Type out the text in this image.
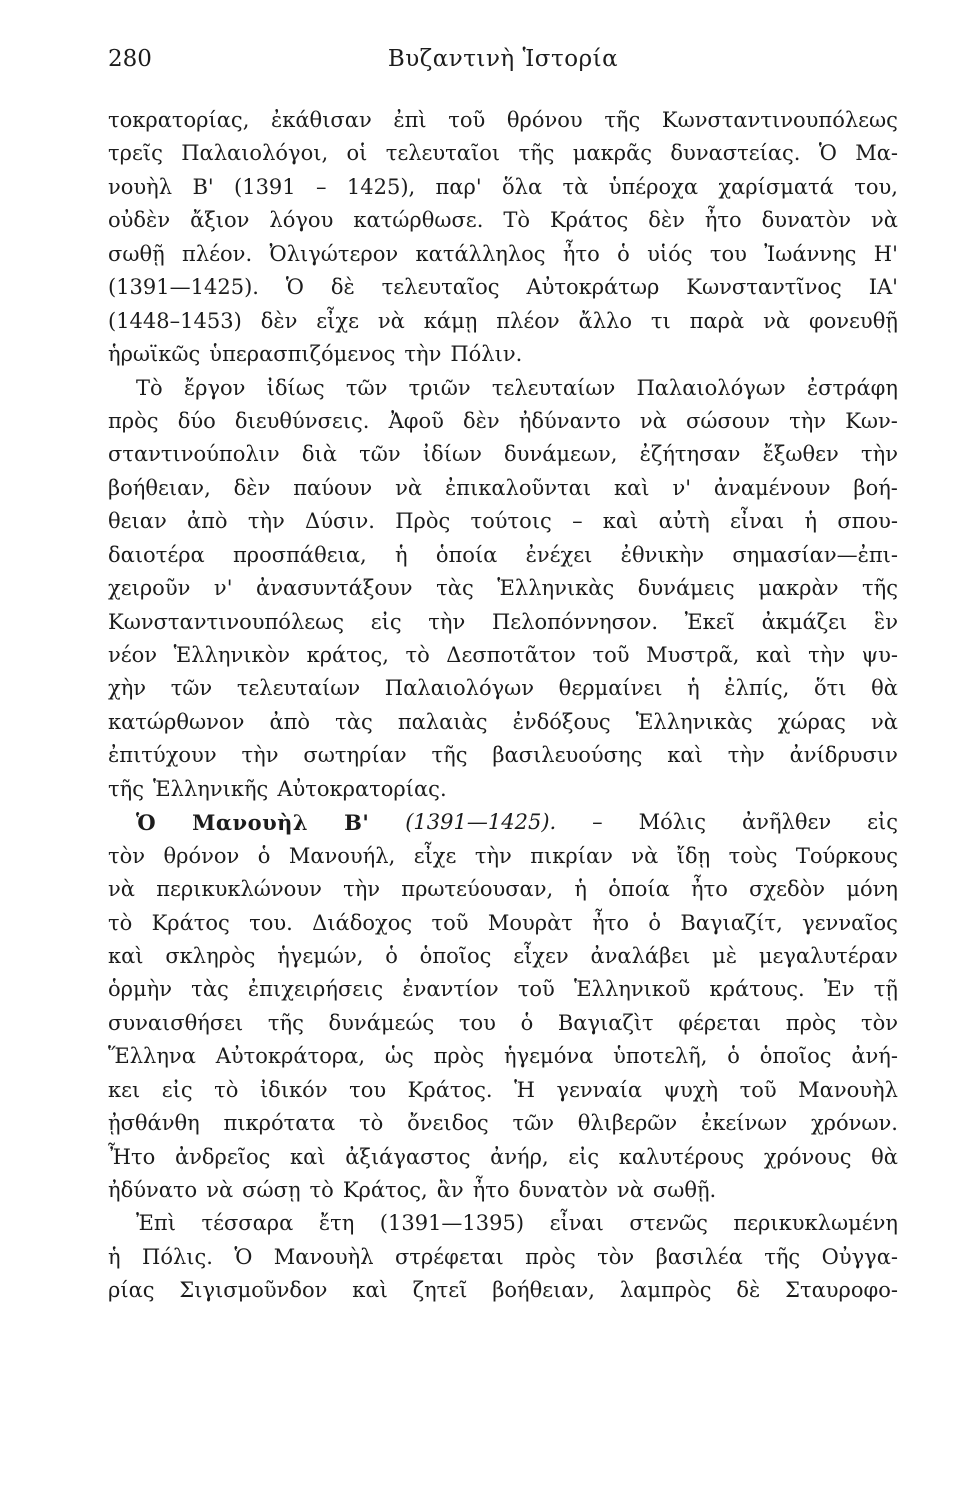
280	Βυζαντινὴ Ἱστορία
τοκρατορίας, ἐκάθισαν ἐπὶ τοῦ θρόνου τῆς Κωνσταντινουπόλεως
τρεῖς Παλαιολόγοι, οἱ τελευταῖοι τῆς μακρᾶς δυναστείας. Ὁ Μα-
νουὴλ Β' (1391 – 1425), παρ' ὅλα τὰ ὑπέροχα χαρίσματά του,
οὐδὲν ἄξιον λόγου κατώρθωσε. Τὸ Κράτος δὲν ἦτο δυνατὸν νὰ
σωθῇ πλέον. Ὀλιγώτερον κατάλληλος ἦτο ὁ υἱός του Ἰωάννης Η'
(1391—1425). Ὁ δὲ τελευταῖος Αὐτοκράτωρ Κωνσταντῖνος ΙΑ'
(1448–1453) δὲν εἶχε νὰ κάμῃ πλέον ἄλλο τι παρὰ νὰ φονευθῇ
ἡρωϊκῶς ὑπερασπιζόμενος τὴν Πόλιν.
Τὸ ἔργον ἰδίως τῶν τριῶν τελευταίων Παλαιολόγων ἐστράφη
πρὸς δύο διευθύνσεις. Ἀφοῦ δὲν ἠδύναντο νὰ σώσουν τὴν Κων-
σταντινούπολιν διὰ τῶν ἰδίων δυνάμεων, ἐζήτησαν ἔξωθεν τὴν
βοήθειαν, δὲν παύουν νὰ ἐπικαλοῦνται καὶ ν' ἀναμένουν βοή-
θειαν ἀπὸ τὴν Δύσιν. Πρὸς τούτοις – καὶ αὐτὴ εἶναι ἡ σπου-
δαιοτέρα προσπάθεια, ἡ ὁποία ἐνέχει ἐθνικὴν σημασίαν—ἐπι-
χειροῦν ν' ἀνασυντάξουν τὰς Ἑλληνικὰς δυνάμεις μακρὰν τῆς
Κωνσταντινουπόλεως εἰς τὴν Πελοπόννησον. Ἐκεῖ ἀκμάζει ἓν
νέον Ἑλληνικὸν κράτος, τὸ Δεσποτᾶτον τοῦ Μυστρᾶ, καὶ τὴν ψυ-
χὴν τῶν τελευταίων Παλαιολόγων θερμαίνει ἡ ἐλπίς, ὅτι θὰ
κατώρθωνον ἀπὸ τὰς παλαιὰς ἐνδόξους Ἑλληνικὰς χώρας νὰ
ἐπιτύχουν τὴν σωτηρίαν τῆς βασιλευούσης καὶ τὴν ἀνίδρυσιν
τῆς Ἑλληνικῆς Αὐτοκρατορίας.
Ὁ Μανουὴλ Β' (1391—1425). – Μόλις ἀνῆλθεν εἰς
τὸν θρόνον ὁ Μανουήλ, εἶχε τὴν πικρίαν νὰ ἴδῃ τοὺς Τούρκους
νὰ περικυκλώνουν τὴν πρωτεύουσαν, ἡ ὁποία ἦτο σχεδὸν μόνη
τὸ Κράτος του. Διάδοχος τοῦ Μουρὰτ ἦτο ὁ Βαγιαζίτ, γενναῖος
καὶ σκληρὸς ἡγεμών, ὁ ὁποῖος εἶχεν ἀναλάβει μὲ μεγαλυτέραν
ὁρμὴν τὰς ἐπιχειρήσεις ἐναντίον τοῦ Ἑλληνικοῦ κράτους. Ἐν τῇ
συναισθήσει τῆς δυνάμεώς του ὁ Βαγιαζὶτ φέρεται πρὸς τὸν
Ἕλληνα Αὐτοκράτορα, ὡς πρὸς ἡγεμόνα ὑποτελῆ, ὁ ὁποῖος ἀνή-
κει εἰς τὸ ἰδικόν του Κράτος. Ἡ γενναία ψυχὴ τοῦ Μανουὴλ
ᾐσθάνθη πικρότατα τὸ ὄνειδος τῶν θλιβερῶν ἐκείνων χρόνων.
Ἦτο ἀνδρεῖος καὶ ἀξιάγαστος ἀνήρ, εἰς καλυτέρους χρόνους θὰ
ἠδύνατο νὰ σώσῃ τὸ Κράτος, ἂν ἦτο δυνατὸν νὰ σωθῇ.
Ἐπὶ τέσσαρα ἔτη (1391—1395) εἶναι στενῶς περικυκλωμένη
ἡ Πόλις. Ὁ Μανουὴλ στρέφεται πρὸς τὸν βασιλέα τῆς Οὐγγα-
ρίας Σιγισμοῦνδον καὶ ζητεῖ βοήθειαν, λαμπρὸς δὲ Σταυροφο-
